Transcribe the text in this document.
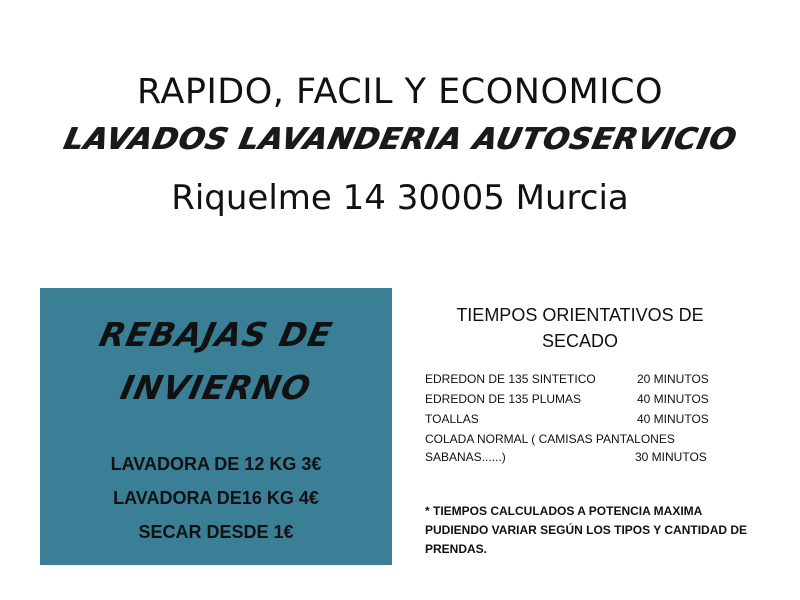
RAPIDO, FACIL Y ECONOMICO
LAVADOS LAVANDERIA AUTOSERVICIO
Riquelme 14 30005 Murcia
REBAJAS DE
INVIERNO
LAVADORA DE 12 KG 3€
LAVADORA DE16 KG 4€
SECAR DESDE 1€
TIEMPOS ORIENTATIVOS DE
SECADO
EDREDON DE 135 SINTETICO	20 MINUTOS
EDREDON DE 135 PLUMAS	40 MINUTOS
TOALLAS	40 MINUTOS
COLADA NORMAL ( CAMISAS PANTALONES
SABANAS......)	30 MINUTOS
* TIEMPOS CALCULADOS A POTENCIA MAXIMA PUDIENDO VARIAR SEGÚN LOS TIPOS Y CANTIDAD DE PRENDAS.
